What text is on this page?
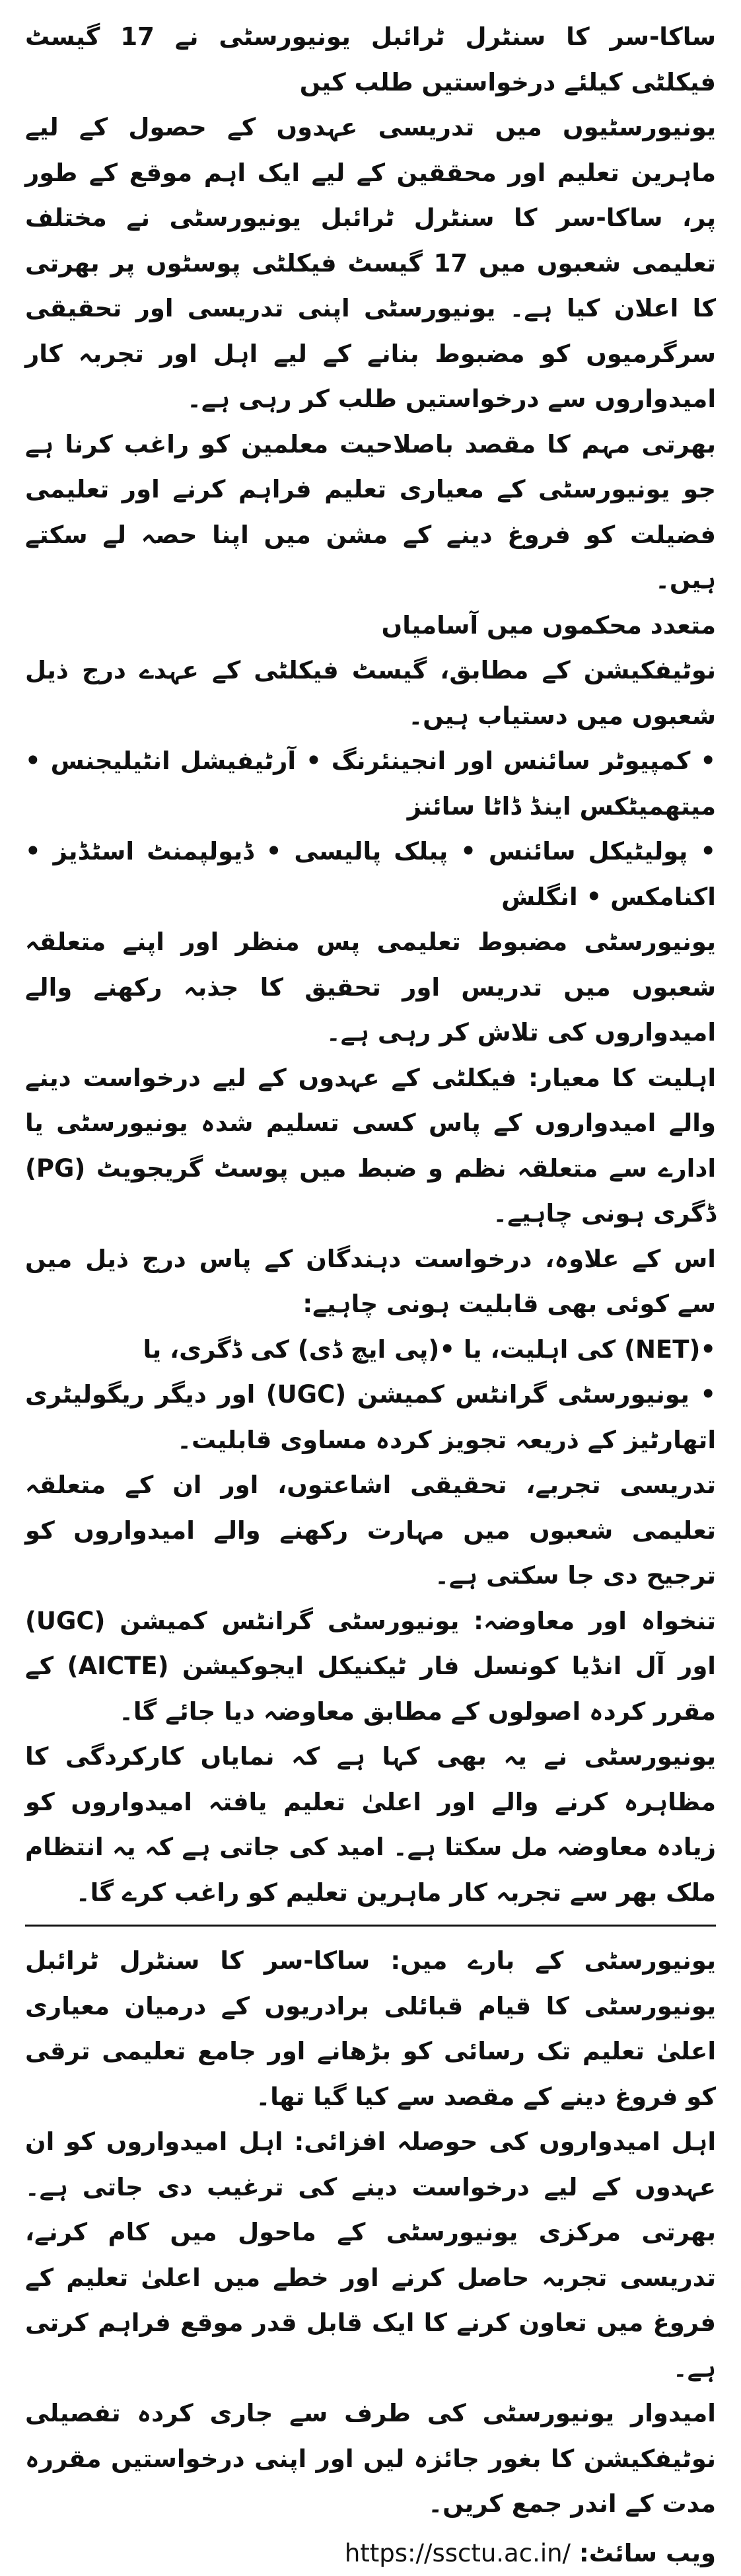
ساکا-سر کا سنٹرل ٹرائبل یونیورسٹی نے 17 گیسٹ فیکلٹی کیلئے درخواستیں طلب کیں

یونیورسٹیوں میں تدریسی عہدوں کے حصول کے لیے ماہرین تعلیم اور محققین کے لیے ایک اہم موقع کے طور پر، ساکا-سر کا سنٹرل ٹرائبل یونیورسٹی نے مختلف تعلیمی شعبوں میں 17 گیسٹ فیکلٹی پوسٹوں پر بھرتی کا اعلان کیا ہے۔ یونیورسٹی اپنی تدریسی اور تحقیقی سرگرمیوں کو مضبوط بنانے کے لیے اہل اور تجربہ کار امیدواروں سے درخواستیں طلب کر رہی ہے۔

بھرتی مہم کا مقصد باصلاحیت معلمین کو راغب کرنا ہے جو یونیورسٹی کے معیاری تعلیم فراہم کرنے اور تعلیمی فضیلت کو فروغ دینے کے مشن میں اپنا حصہ لے سکتے ہیں۔

متعدد محکموں میں آسامیاں

نوٹیفکیشن کے مطابق، گیسٹ فیکلٹی کے عہدے درج ذیل شعبوں میں دستیاب ہیں۔

• کمپیوٹر سائنس اور انجینئرنگ • آرٹیفیشل انٹیلیجنس • میتھمیٹکس اینڈ ڈاٹا سائنز
• پولیٹیکل سائنس • پبلک پالیسی • ڈیولپمنٹ اسٹڈیز • اکنامکس • انگلش

یونیورسٹی مضبوط تعلیمی پس منظر اور اپنے متعلقہ شعبوں میں تدریس اور تحقیق کا جذبہ رکھنے والے امیدواروں کی تلاش کر رہی ہے۔

اہلیت کا معیار: فیکلٹی کے عہدوں کے لیے درخواست دینے والے امیدواروں کے پاس کسی تسلیم شدہ یونیورسٹی یا ادارے سے متعلقہ نظم و ضبط میں پوسٹ گریجویٹ (PG) ڈگری ہونی چاہیے۔

اس کے علاوہ، درخواست دہندگان کے پاس درج ذیل میں سے کوئی بھی قابلیت ہونی چاہیے:

•(NET) کی اہلیت، یا •(پی ایچ ڈی) کی ڈگری، یا
• یونیورسٹی گرانٹس کمیشن (UGC) اور دیگر ریگولیٹری اتھارٹیز کے ذریعہ تجویز کردہ مساوی قابلیت۔

تدریسی تجربے، تحقیقی اشاعتوں، اور ان کے متعلقہ تعلیمی شعبوں میں مہارت رکھنے والے امیدواروں کو ترجیح دی جا سکتی ہے۔

تنخواہ اور معاوضہ: یونیورسٹی گرانٹس کمیشن (UGC) اور آل انڈیا کونسل فار ٹیکنیکل ایجوکیشن (AICTE) کے مقرر کردہ اصولوں کے مطابق معاوضہ دیا جائے گا۔

یونیورسٹی نے یہ بھی کہا ہے کہ نمایاں کارکردگی کا مظاہرہ کرنے والے اور اعلیٰ تعلیم یافتہ امیدواروں کو زیادہ معاوضہ مل سکتا ہے۔ امید کی جاتی ہے کہ یہ انتظام ملک بھر سے تجربہ کار ماہرین تعلیم کو راغب کرے گا۔

یونیورسٹی کے بارے میں: ساکا-سر کا سنٹرل ٹرائبل یونیورسٹی کا قیام قبائلی برادریوں کے درمیان معیاری اعلیٰ تعلیم تک رسائی کو بڑھانے اور جامع تعلیمی ترقی کو فروغ دینے کے مقصد سے کیا گیا تھا۔

اہل امیدواروں کی حوصلہ افزائی: اہل امیدواروں کو ان عہدوں کے لیے درخواست دینے کی ترغیب دی جاتی ہے۔ بھرتی مرکزی یونیورسٹی کے ماحول میں کام کرنے، تدریسی تجربہ حاصل کرنے اور خطے میں اعلیٰ تعلیم کے فروغ میں تعاون کرنے کا ایک قابل قدر موقع فراہم کرتی ہے۔

امیدوار یونیورسٹی کی طرف سے جاری کردہ تفصیلی نوٹیفکیشن کا بغور جائزہ لیں اور اپنی درخواستیں مقررہ مدت کے اندر جمع کریں۔

ویب سائٹ: https://ssctu.ac.in/
